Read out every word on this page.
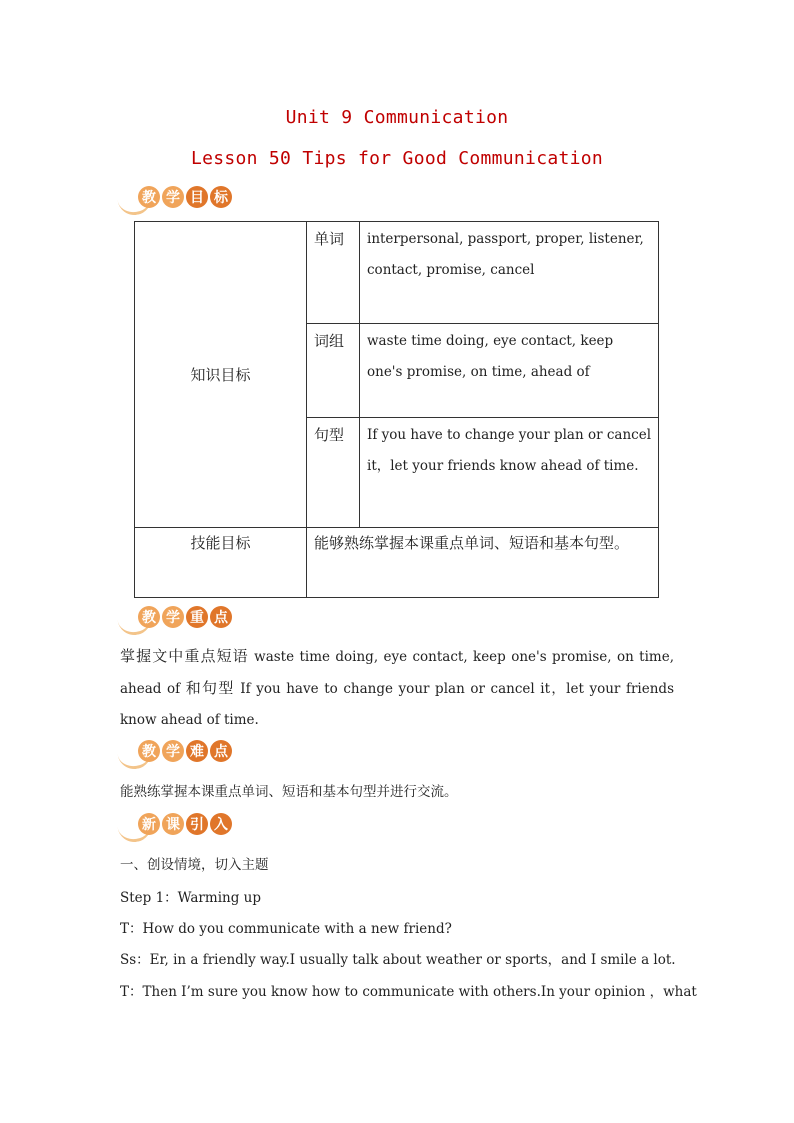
Unit 9 Communication
Lesson 50 Tips for Good Communication
教 学 目 标
知识目标	单词	interpersonal, passport, proper, listener, contact, promise, cancel
	词组	waste time doing, eye contact, keep one's promise, on time, ahead of
	句型	If you have to change your plan or cancel it，let your friends know ahead of time.
技能目标	能够熟练掌握本课重点单词、短语和基本句型。	
教 学 重 点
掌握文中重点短语 waste time doing, eye contact, keep one's promise, on time, ahead of 和句型 If you have to change your plan or cancel it，let your friends know ahead of time.
教 学 难 点
能熟练掌握本课重点单词、短语和基本句型并进行交流。
新 课 引 入
一、创设情境，切入主题
Step 1：Warming up
T：How do you communicate with a new friend?
Ss：Er, in a friendly way.I usually talk about weather or sports，and I smile a lot.
T：Then I’m sure you know how to communicate with others.In your opinion ，what
